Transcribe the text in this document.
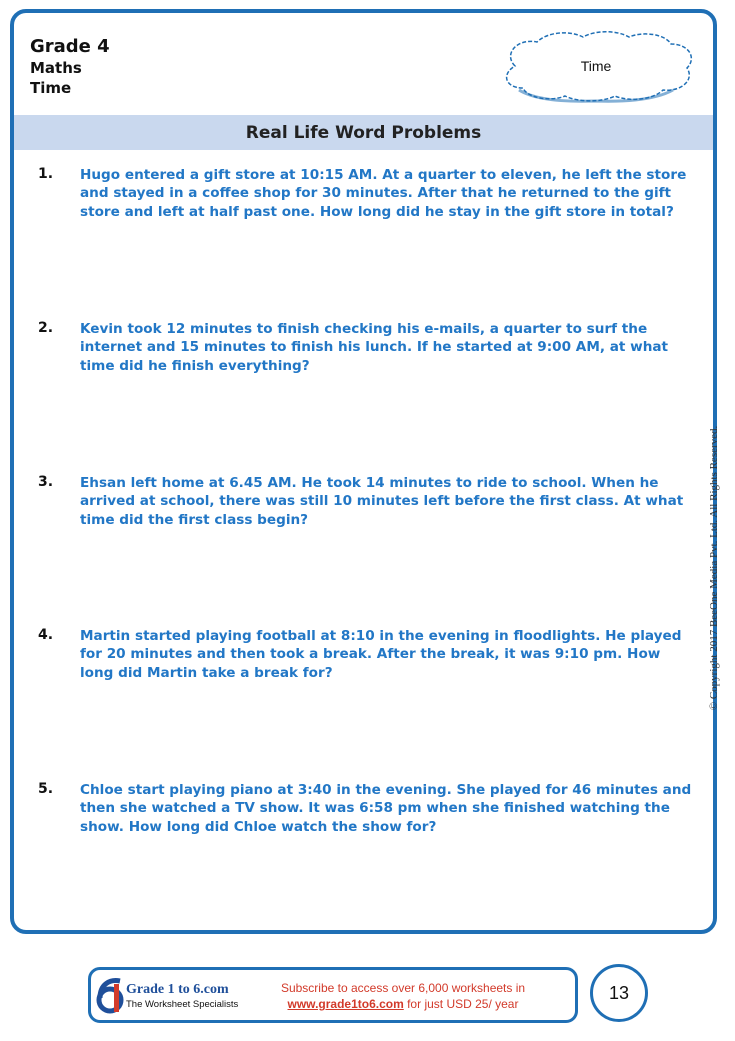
Grade 4
Maths
Time
Time
Real Life Word Problems
1. Hugo entered a gift store at 10:15 AM. At a quarter to eleven, he left the store and stayed in a coffee shop for 30 minutes. After that he returned to the gift store and left at half past one. How long did he stay in the gift store in total?
2. Kevin took 12 minutes to finish checking his e-mails, a quarter to surf the internet and 15 minutes to finish his lunch. If he started at 9:00 AM, at what time did he finish everything?
3. Ehsan left home at 6.45 AM. He took 14 minutes to ride to school. When he arrived at school, there was still 10 minutes left before the first class. At what time did the first class begin?
4. Martin started playing football at 8:10 in the evening in floodlights. He played for 20 minutes and then took a break. After the break, it was 9:10 pm. How long did Martin take a break for?
5. Chloe start playing piano at 3:40 in the evening. She played for 46 minutes and then she watched a TV show. It was 6:58 pm when she finished watching the show. How long did Chloe watch the show for?
© Copyright 2017 BeeOne Media Pvt. Ltd. All Rights Reserved.
Grade 1 to 6.com
The Worksheet Specialists
Subscribe to access over 6,000 worksheets in
www.grade1to6.com for just USD 25/ year
13
